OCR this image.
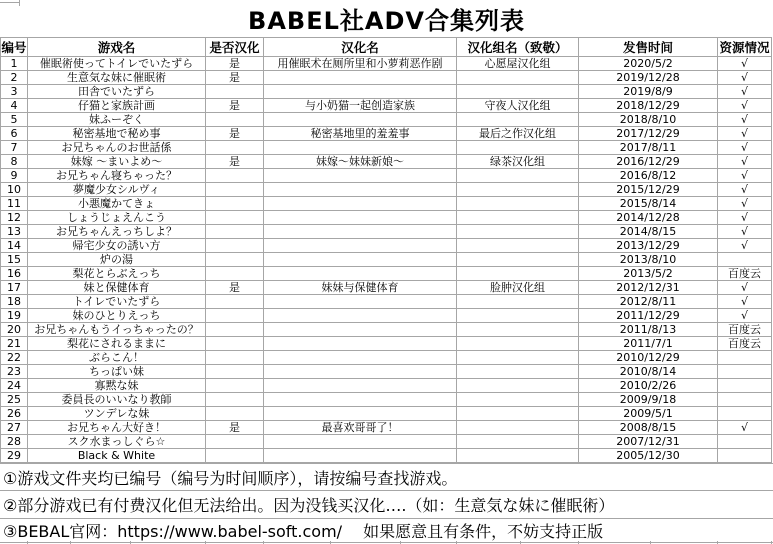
BABEL社ADV合集列表
编号	游戏名	是否汉化	汉化名	汉化组名（致敬）	发售时间	资源情况
1	催眠術使ってトイレでいたずら	是	用催眠术在厕所里和小萝莉恶作剧	心愿屋汉化组	2020/5/2	√
2	生意気な妹に催眠術	是			2019/12/28	√
3	田舎でいたずら				2019/8/9	√
4	仔猫と家族計画	是	与小奶猫一起创造家族	守夜人汉化组	2018/12/29	√
5	妹ふーぞく				2018/8/10	√
6	秘密基地で秘め事	是	秘密基地里的羞羞事	最后之作汉化组	2017/12/29	√
7	お兄ちゃんのお世話係				2017/8/11	√
8	妹嫁 ～まいよめ～	是	妹嫁～妹妹新娘～	绿茶汉化组	2016/12/29	√
9	お兄ちゃん寝ちゃった？				2016/8/12	√
10	夢魔少女シルヴィ				2015/12/29	√
11	小悪魔かてきょ				2015/8/14	√
12	しょうじょえんこう				2014/12/28	√
13	お兄ちゃんえっちしよ？				2014/8/15	√
14	帰宅少女の誘い方				2013/12/29	√
15	炉の湯				2013/8/10	
16	梨花とらぶえっち				2013/5/2	百度云
17	妹と保健体育	是	妹妹与保健体育	脸肿汉化组	2012/12/31	√
18	トイレでいたずら				2012/8/11	√
19	妹のひとりえっち				2011/12/29	√
20	お兄ちゃんもうイっちゃったの？				2011/8/13	百度云
21	梨花にされるままに				2011/7/1	百度云
22	ぶらこん！				2010/12/29	
23	ちっぱい妹				2010/8/14	
24	寡黙な妹				2010/2/26	
25	委員長のいいなり教師				2009/9/18	
26	ツンデレな妹				2009/5/1	
27	お兄ちゃん大好き！	是	最喜欢哥哥了！		2008/8/15	√
28	スク水まっしぐら☆				2007/12/31	
29	Black & White				2005/12/30	
①游戏文件夹均已编号（编号为时间顺序），请按编号查找游戏。
②部分游戏已有付费汉化但无法给出。因为没钱买汉化….（如：生意気な妹に催眠術）
③BEBAL官网：https://www.babel-soft.com/　 如果愿意且有条件，不妨支持正版
